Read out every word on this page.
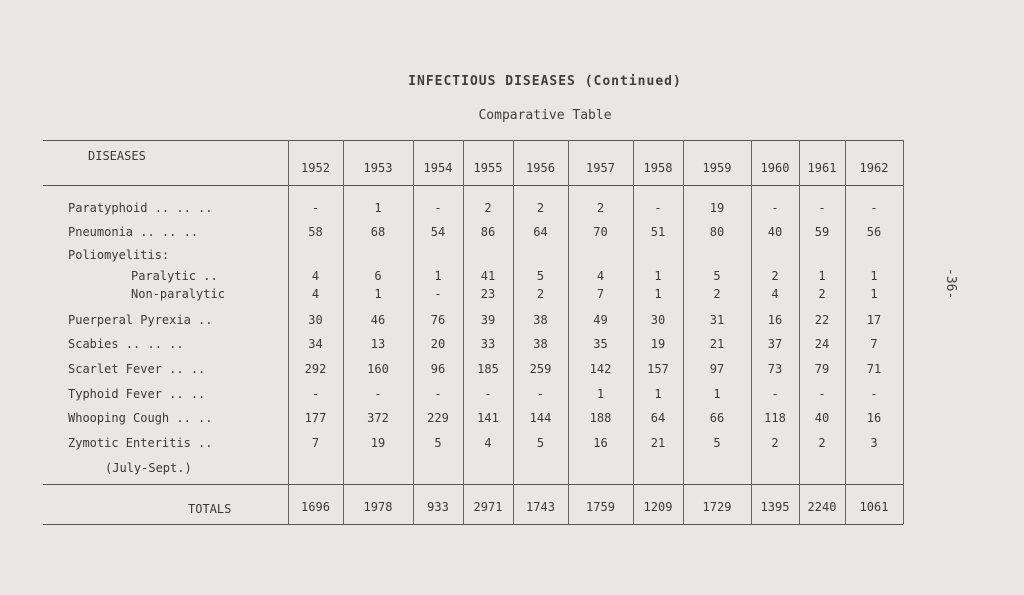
INFECTIOUS DISEASES (Continued)
Comparative Table
-36-
DISEASES
1952	1953	1954	1955	1956	1957	1958	1959	1960	1961	1962
Paratyphoid .. .. ..	-	1	-	2	2	2	-	19	-	-	-
Pneumonia .. .. ..	58	68	54	86	64	70	51	80	40	59	56
Poliomyelitis:
Paralytic ..	4	6	1	41	5	4	1	5	2	1	1
Non-paralytic	4	1	-	23	2	7	1	2	4	2	1
Puerperal Pyrexia ..	30	46	76	39	38	49	30	31	16	22	17
Scabies .. .. ..	34	13	20	33	38	35	19	21	37	24	7
Scarlet Fever .. ..	292	160	96	185	259	142	157	97	73	79	71
Typhoid Fever .. ..	-	-	-	-	-	1	1	1	-	-	-
Whooping Cough .. ..	177	372	229	141	144	188	64	66	118	40	16
Zymotic Enteritis ..	7	19	5	4	5	16	21	5	2	2	3
(July-Sept.)
TOTALS	1696	1978	933	2971	1743	1759	1209	1729	1395	2240	1061
